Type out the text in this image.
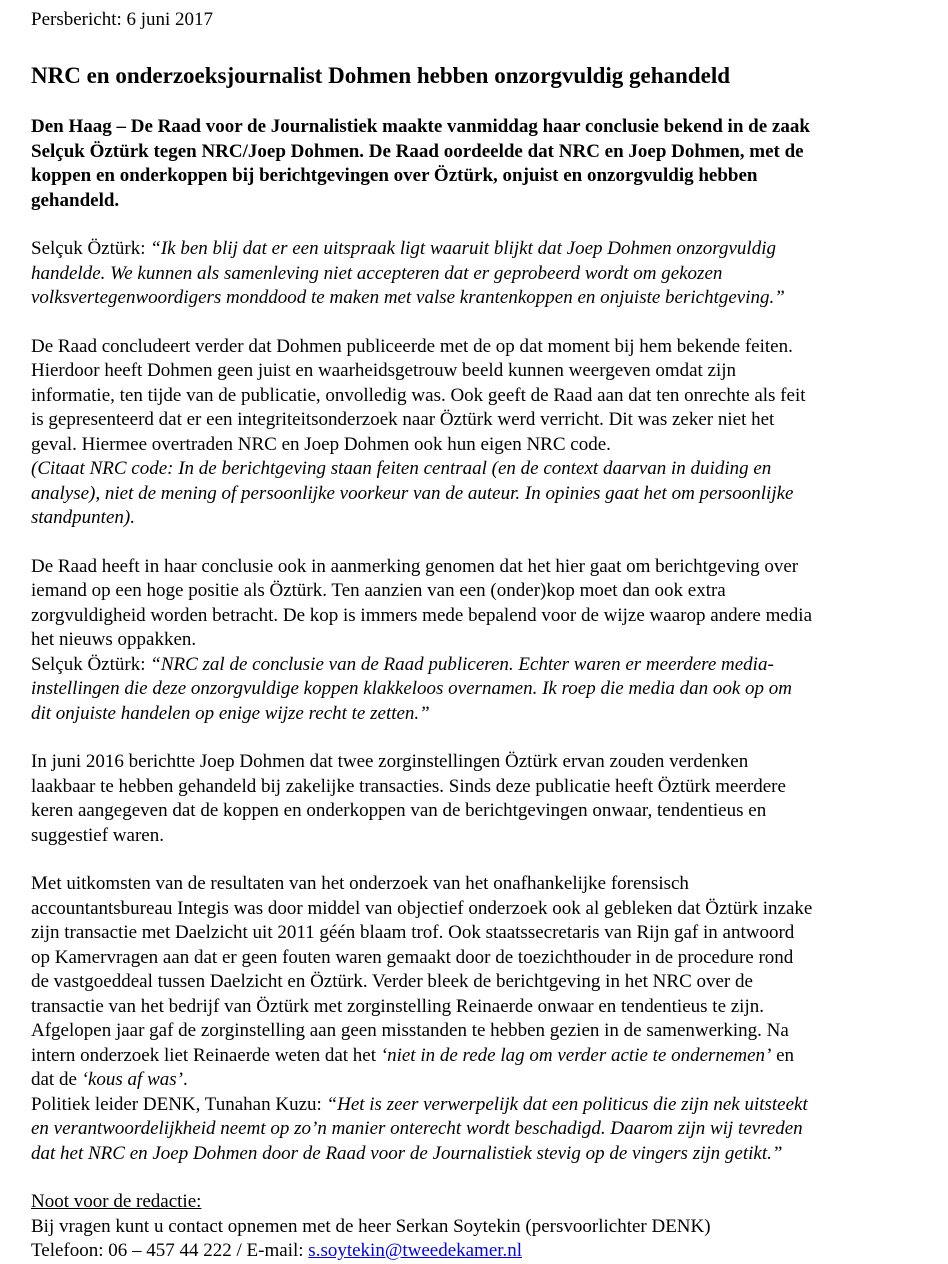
Persbericht: 6 juni 2017

NRC en onderzoeksjournalist Dohmen hebben onzorgvuldig gehandeld
Den Haag – De Raad voor de Journalistiek maakte vanmiddag haar conclusie bekend in de zaak
Selçuk Öztürk tegen NRC/Joep Dohmen. De Raad oordeelde dat NRC en Joep Dohmen, met de
koppen en onderkoppen bij berichtgevingen over Öztürk, onjuist en onzorgvuldig hebben
gehandeld.
Selçuk Öztürk: “Ik ben blij dat er een uitspraak ligt waaruit blijkt dat Joep Dohmen onzorgvuldig
handelde. We kunnen als samenleving niet accepteren dat er geprobeerd wordt om gekozen
volksvertegenwoordigers monddood te maken met valse krantenkoppen en onjuiste berichtgeving.”
De Raad concludeert verder dat Dohmen publiceerde met de op dat moment bij hem bekende feiten.
Hierdoor heeft Dohmen geen juist en waarheidsgetrouw beeld kunnen weergeven omdat zijn
informatie, ten tijde van de publicatie, onvolledig was. Ook geeft de Raad aan dat ten onrechte als feit
is gepresenteerd dat er een integriteitsonderzoek naar Öztürk werd verricht. Dit was zeker niet het
geval. Hiermee overtraden NRC en Joep Dohmen ook hun eigen NRC code.
(Citaat NRC code: In de berichtgeving staan feiten centraal (en de context daarvan in duiding en
analyse), niet de mening of persoonlijke voorkeur van de auteur. In opinies gaat het om persoonlijke
standpunten).
De Raad heeft in haar conclusie ook in aanmerking genomen dat het hier gaat om berichtgeving over
iemand op een hoge positie als Öztürk. Ten aanzien van een (onder)kop moet dan ook extra
zorgvuldigheid worden betracht. De kop is immers mede bepalend voor de wijze waarop andere media
het nieuws oppakken.
Selçuk Öztürk: “NRC zal de conclusie van de Raad publiceren. Echter waren er meerdere media-
instellingen die deze onzorgvuldige koppen klakkeloos overnamen. Ik roep die media dan ook op om
dit onjuiste handelen op enige wijze recht te zetten.”
In juni 2016 berichtte Joep Dohmen dat twee zorginstellingen Öztürk ervan zouden verdenken
laakbaar te hebben gehandeld bij zakelijke transacties. Sinds deze publicatie heeft Öztürk meerdere
keren aangegeven dat de koppen en onderkoppen van de berichtgevingen onwaar, tendentieus en
suggestief waren.
Met uitkomsten van de resultaten van het onderzoek van het onafhankelijke forensisch
accountantsbureau Integis was door middel van objectief onderzoek ook al gebleken dat Öztürk inzake
zijn transactie met Daelzicht uit 2011 géén blaam trof. Ook staatssecretaris van Rijn gaf in antwoord
op Kamervragen aan dat er geen fouten waren gemaakt door de toezichthouder in de procedure rond
de vastgoeddeal tussen Daelzicht en Öztürk. Verder bleek de berichtgeving in het NRC over de
transactie van het bedrijf van Öztürk met zorginstelling Reinaerde onwaar en tendentieus te zijn.
Afgelopen jaar gaf de zorginstelling aan geen misstanden te hebben gezien in de samenwerking. Na
intern onderzoek liet Reinaerde weten dat het ‘niet in de rede lag om verder actie te ondernemen’ en
dat de ‘kous af was’.
Politiek leider DENK, Tunahan Kuzu: “Het is zeer verwerpelijk dat een politicus die zijn nek uitsteekt
en verantwoordelijkheid neemt op zo’n manier onterecht wordt beschadigd. Daarom zijn wij tevreden
dat het NRC en Joep Dohmen door de Raad voor de Journalistiek stevig op de vingers zijn getikt.”
Noot voor de redactie:
Bij vragen kunt u contact opnemen met de heer Serkan Soytekin (persvoorlichter DENK)
Telefoon: 06 – 457 44 222 / E-mail: s.soytekin@tweedekamer.nl
